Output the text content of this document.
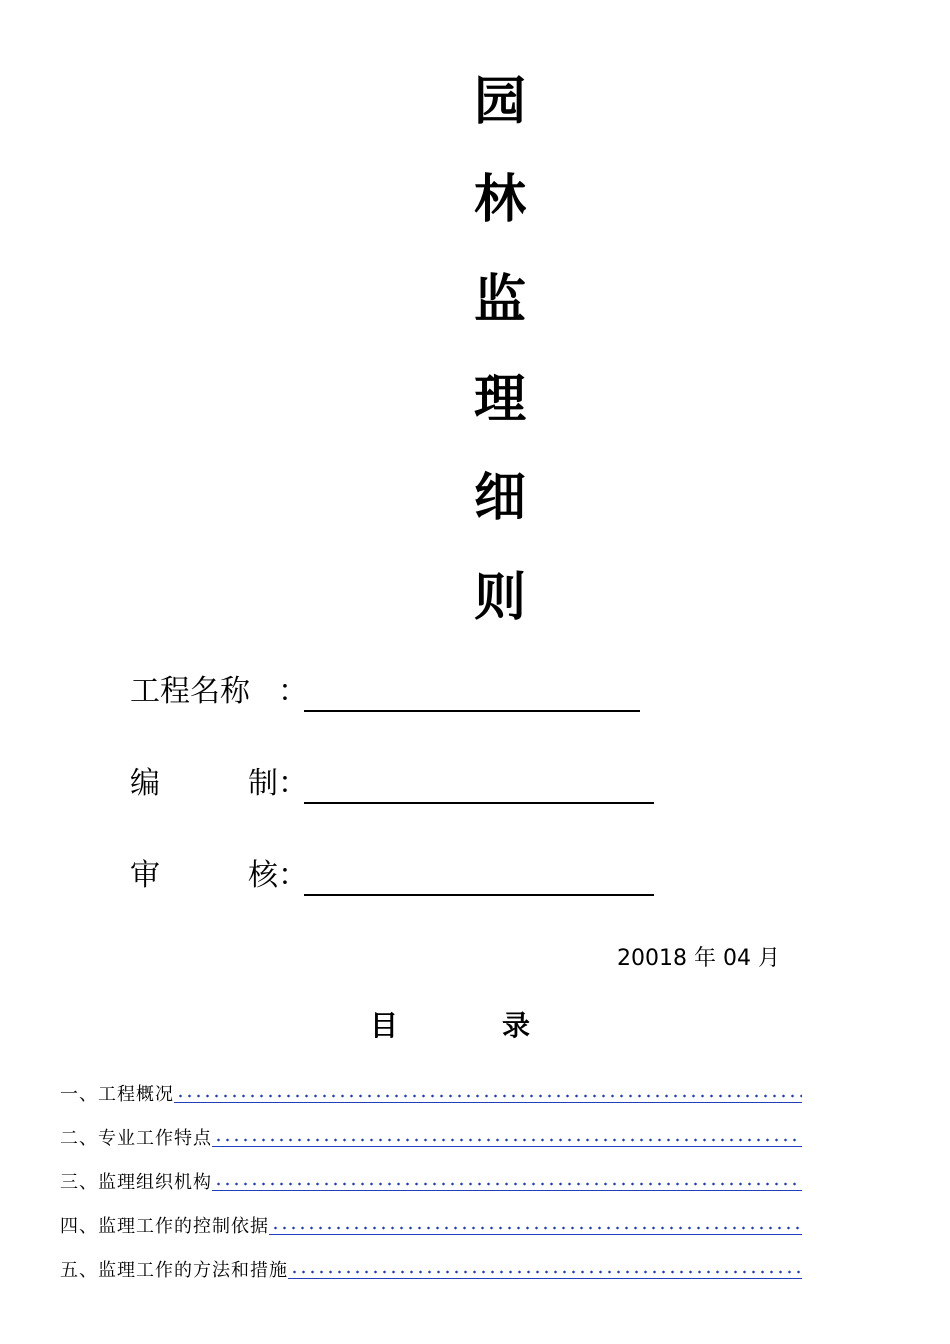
园
林
监
理
细
则
工程名称 ：
编	制 ：
审	核 ：
20018 年 04 月
目	录
一、工程概况
二、专业工作特点
三、监理组织机构
四、监理工作的控制依据
五、监理工作的方法和措施
